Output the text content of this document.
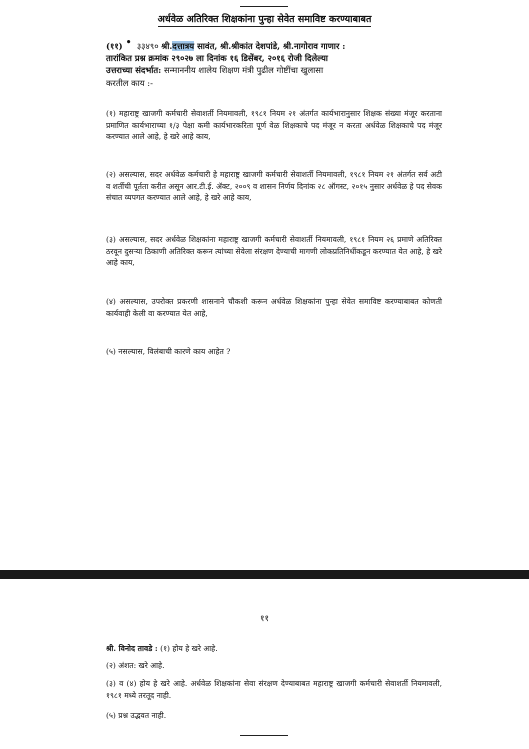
अर्धवेळ अतिरिक्त शिक्षकांना पुन्हा सेवेत समाविष्ट करण्याबाबत
(११) • ३३४९० श्री.दत्तात्रय सावंत, श्री.श्रीकांत देशपांडे, श्री.नागोराव गाणार :
तारांकित प्रश्न क्रमांक २९०२७ ला दिनांक १६ डिसेंबर, २०१६ रोजी दिलेल्या
उत्तराच्या संदर्भात: सन्माननीय शालेय शिक्षण मंत्री पुढील गोष्टींचा खुलासा
करतील काय :-
(१) महाराष्ट्र खाजगी कर्मचारी सेवाशर्ती नियमावली, १९८१ नियम २१ अंतर्गत कार्यभारानुसार शिक्षक संख्या मंजूर करताना प्रमाणित कार्यभाराच्या १/३ पेक्षा कमी कार्यभारकरिता पूर्ण वेळ शिक्षकाचे पद मंजूर न करता अर्धवेळ शिक्षकाचे पद मंजूर करण्यात आले आहे, हे खरे आहे काय,
(२) असल्यास, सदर अर्धवेळ कर्मचारी हे महाराष्ट्र खाजगी कर्मचारी सेवाशर्ती नियमावली, १९८१ नियम २१ अंतर्गत सर्व अटी व शर्तीची पूर्तता करीत असून आर.टी.ई. ॲक्ट, २००९ व शासन निर्णय दिनांक २८ ऑगस्ट, २०१५ नुसार अर्धवेळ हे पद सेवक संचात व्यपगत करण्यात आले आहे, हे खरे आहे काय,
(३) असल्यास, सदर अर्धवेळ शिक्षकांना महाराष्ट्र खाजगी कर्मचारी सेवाशर्ती नियमावली, १९८१ नियम २६ प्रमाणे अतिरिक्त ठरवून दुसऱ्या ठिकाणी अतिरिक्त करून त्यांच्या सेवेला संरक्षण देण्याची मागणी लोकप्रतिनिधींकडून करण्यात येत आहे, हे खरे आहे काय,
(४) असल्यास, उपरोक्त प्रकरणी शासनाने चौकशी करून अर्धवेळ शिक्षकांना पुन्हा सेवेत समाविष्ट करण्याबाबत कोणती कार्यवाही केली वा करण्यात येत आहे,
(५) नसल्यास, विलंबाची कारणे काय आहेत ?
११
श्री. विनोद तावडे : (१) होय हे खरे आहे.
(२) अंशत: खरे आहे.
(३) व (४) होय हे खरे आहे. अर्धवेळ शिक्षकांना सेवा संरक्षण देण्याबाबत महाराष्ट्र खाजगी कर्मचारी सेवाशर्ती नियमावली, १९८१ मध्ये तरतूद नाही.
(५) प्रश्न उद्भवत नाही.
